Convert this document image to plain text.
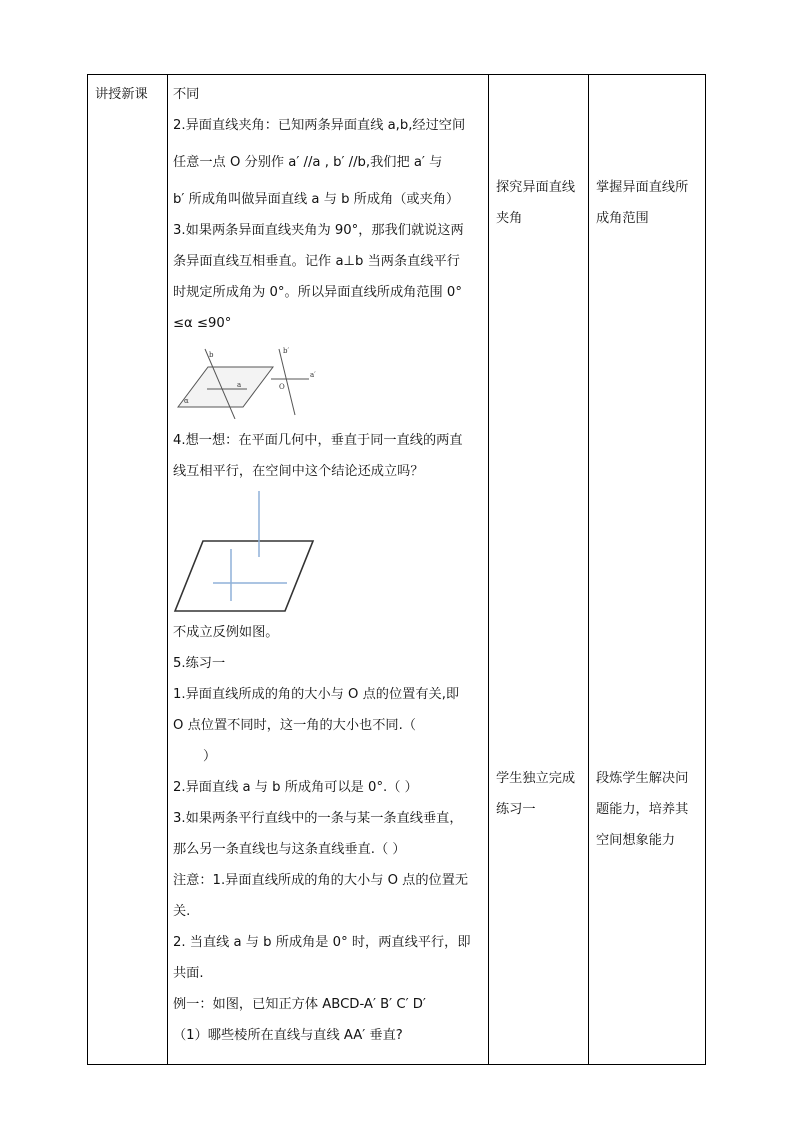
讲授新课	不同
2.异面直线夹角：已知两条异面直线 a,b,经过空间
任意一点 O 分别作 a′ //a , b′ //b,我们把 a′ 与
b′ 所成角叫做异面直线 a 与 b 所成角（或夹角）
3.如果两条异面直线夹角为 90°，那我们就说这两
条异面直线互相垂直。记作 a⊥b 当两条直线平行
时规定所成角为 0°。所以异面直线所成角范围 0°
≤α ≤90°
b
a
α
b′
O
a′
4.想一想：在平面几何中，垂直于同一直线的两直
线互相平行，在空间中这个结论还成立吗？
不成立反例如图。
5.练习一
1.异面直线所成的角的大小与 O 点的位置有关,即
O 点位置不同时，这一角的大小也不同.（
）
2.异面直线 a 与 b 所成角可以是 0°.（ ）
3.如果两条平行直线中的一条与某一条直线垂直，
那么另一条直线也与这条直线垂直.（ ）
注意：1.异面直线所成的角的大小与 O 点的位置无
关.
2. 当直线 a 与 b 所成角是 0° 时，两直线平行，即
共面.
例一：如图，已知正方体 ABCD-A′ B′ C′ D′
（1）哪些棱所在直线与直线 AA′ 垂直?
探究异面直线
夹角
学生独立完成
练习一
掌握异面直线所
成角范围
段炼学生解决问
题能力，培养其
空间想象能力
